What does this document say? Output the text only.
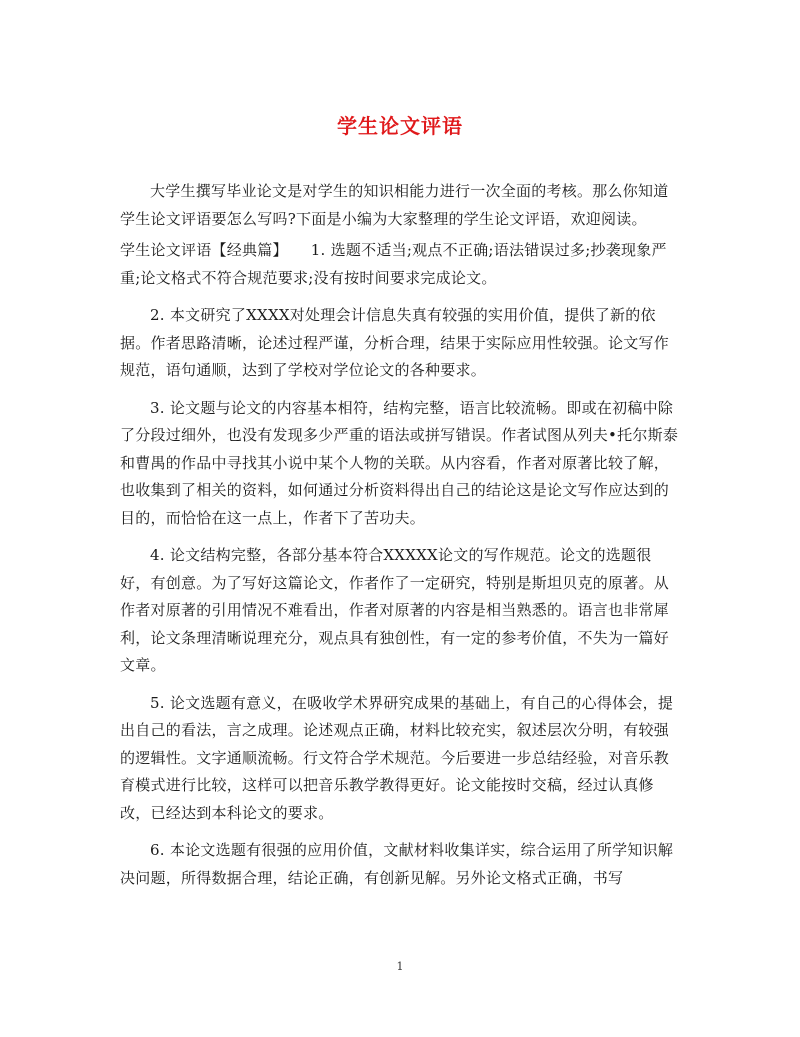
学生论文评语

大学生撰写毕业论文是对学生的知识相能力进行一次全面的考核。那么你知道学生论文评语要怎么写吗?下面是小编为大家整理的学生论文评语，欢迎阅读。

学生论文评语【经典篇】　　1. 选题不适当;观点不正确;语法错误过多;抄袭现象严重;论文格式不符合规范要求;没有按时间要求完成论文。

2. 本文研究了XXXX对处理会计信息失真有较强的实用价值，提供了新的依据。作者思路清晰，论述过程严谨，分析合理，结果于实际应用性较强。论文写作规范，语句通顺，达到了学校对学位论文的各种要求。

3. 论文题与论文的内容基本相符，结构完整，语言比较流畅。即或在初稿中除了分段过细外，也没有发现多少严重的语法或拼写错误。作者试图从列夫•托尔斯泰和曹禺的作品中寻找其小说中某个人物的关联。从内容看，作者对原著比较了解，也收集到了相关的资料，如何通过分析资料得出自己的结论这是论文写作应达到的目的，而恰恰在这一点上，作者下了苦功夫。

4. 论文结构完整，各部分基本符合XXXXX论文的写作规范。论文的选题很好，有创意。为了写好这篇论文，作者作了一定研究，特别是斯坦贝克的原著。从作者对原著的引用情况不难看出，作者对原著的内容是相当熟悉的。语言也非常犀利，论文条理清晰说理充分，观点具有独创性，有一定的参考价值，不失为一篇好文章。

5. 论文选题有意义，在吸收学术界研究成果的基础上，有自己的心得体会，提出自己的看法，言之成理。论述观点正确，材料比较充实，叙述层次分明，有较强的逻辑性。文字通顺流畅。行文符合学术规范。今后要进一步总结经验，对音乐教育模式进行比较，这样可以把音乐教学教得更好。论文能按时交稿，经过认真修改，已经达到本科论文的要求。

6. 本论文选题有很强的应用价值，文献材料收集详实，综合运用了所学知识解决问题，所得数据合理，结论正确，有创新见解。另外论文格式正确，书写

1
